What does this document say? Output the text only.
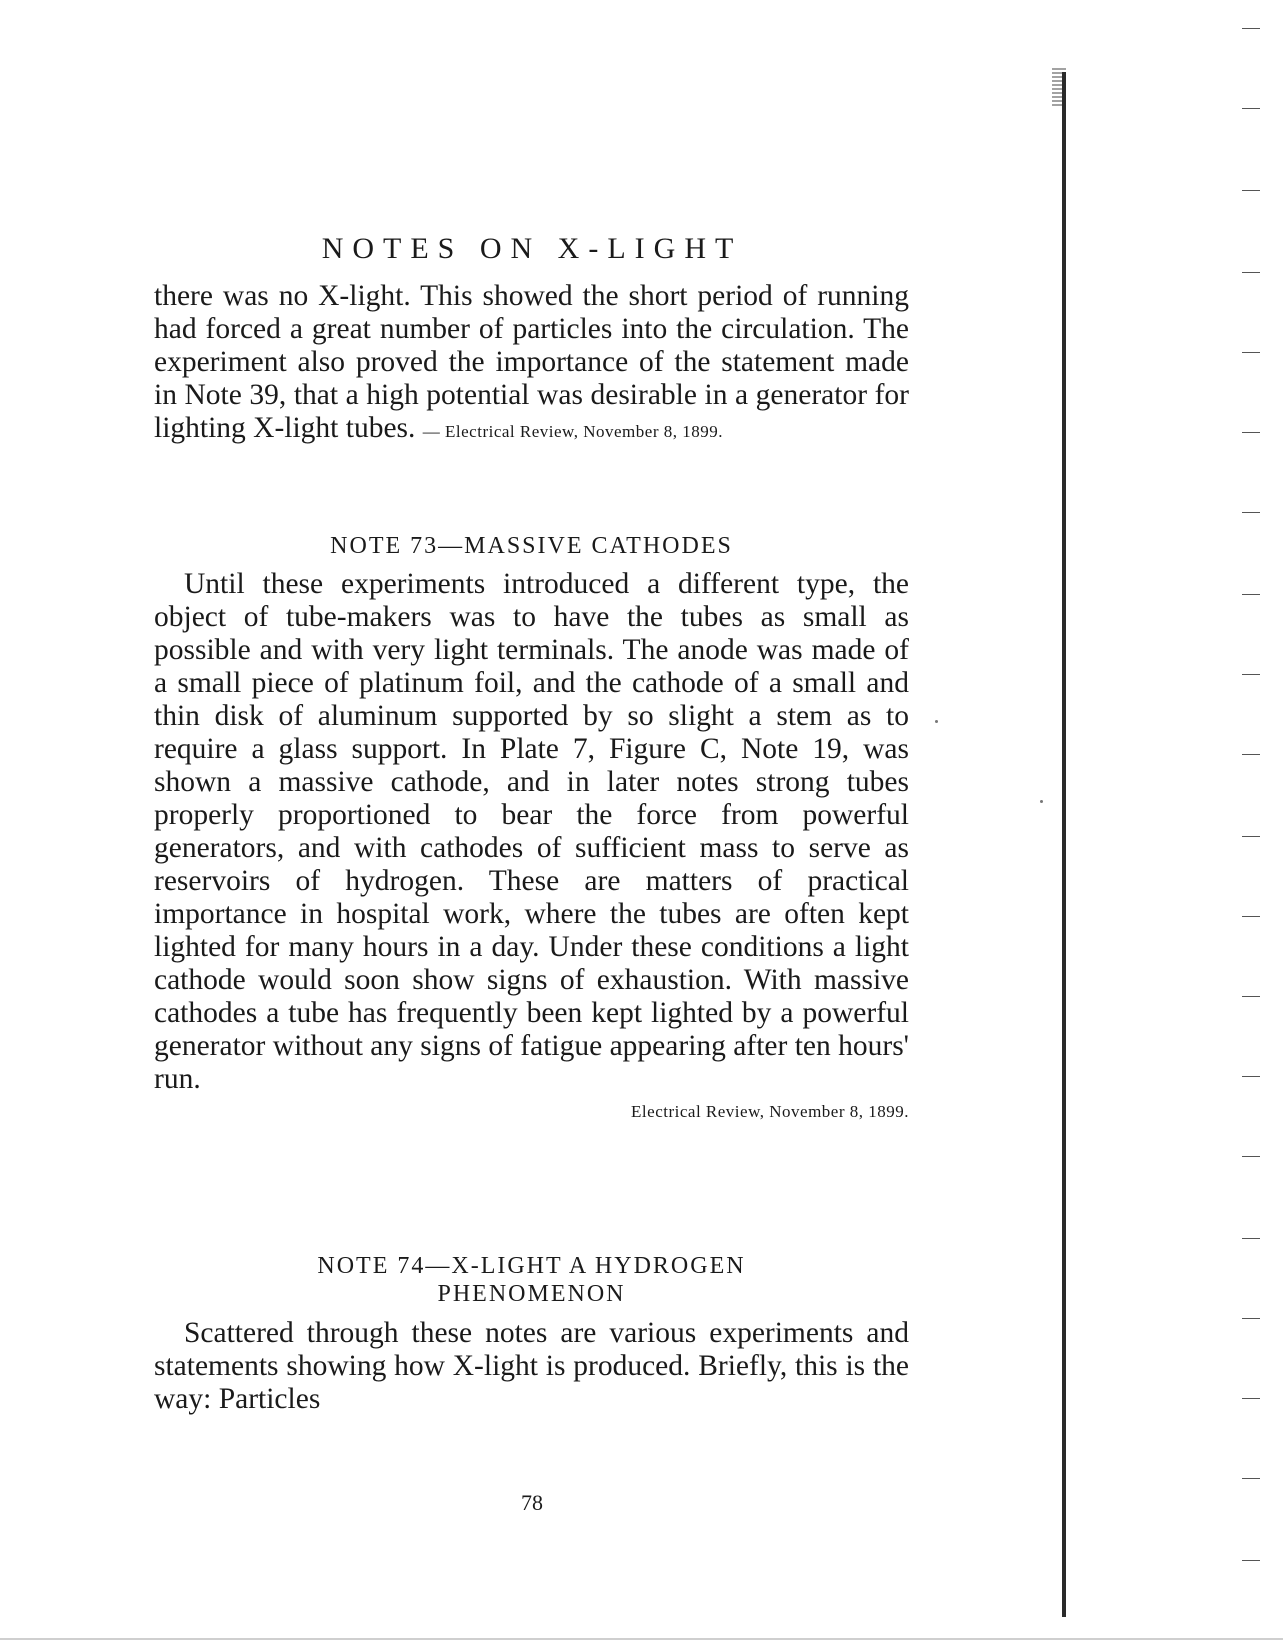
NOTES ON X-LIGHT

there was no X-light. This showed the short period of running had forced a great number of particles into the circulation. The experiment also proved the importance of the statement made in Note 39, that a high potential was desirable in a generator for lighting X-light tubes. — Electrical Review, November 8, 1899.

NOTE 73—MASSIVE CATHODES

Until these experiments introduced a different type, the object of tube-makers was to have the tubes as small as possible and with very light terminals. The anode was made of a small piece of platinum foil, and the cathode of a small and thin disk of aluminum supported by so slight a stem as to require a glass support. In Plate 7, Figure C, Note 19, was shown a massive cathode, and in later notes strong tubes properly proportioned to bear the force from powerful generators, and with cathodes of sufficient mass to serve as reservoirs of hydrogen. These are matters of practical importance in hospital work, where the tubes are often kept lighted for many hours in a day. Under these conditions a light cathode would soon show signs of exhaustion. With massive cathodes a tube has frequently been kept lighted by a powerful generator without any signs of fatigue appearing after ten hours' run.

Electrical Review, November 8, 1899.
NOTE 74—X-LIGHT A HYDROGEN
PHENOMENON

Scattered through these notes are various experiments and statements showing how X-light is produced. Briefly, this is the way: Particles

78
